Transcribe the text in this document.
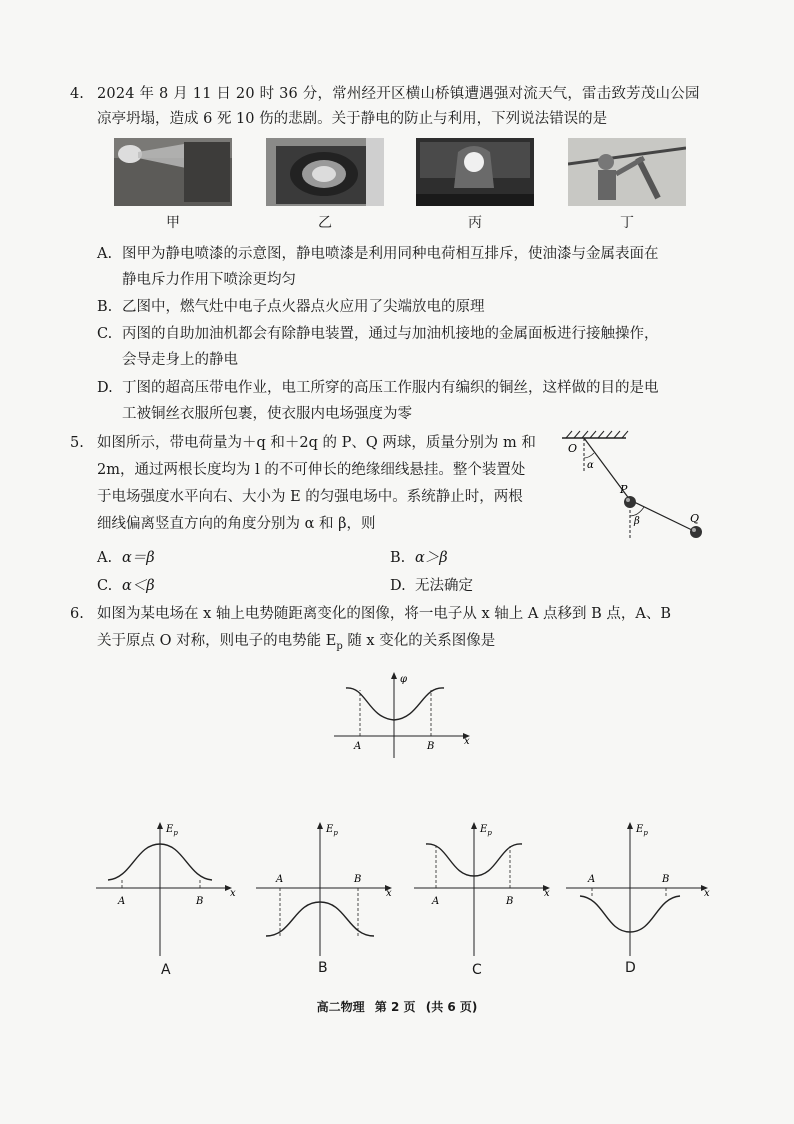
4. 2024 年 8 月 11 日 20 时 36 分，常州经开区横山桥镇遭遇强对流天气，雷击致芳茂山公园
凉亭坍塌，造成 6 死 10 伤的悲剧。关于静电的防止与利用，下列说法错误的是
甲	乙	丙	丁
A. 图甲为静电喷漆的示意图，静电喷漆是利用同种电荷相互排斥，使油漆与金属表面在
静电斥力作用下喷涂更均匀
B. 乙图中，燃气灶中电子点火器点火应用了尖端放电的原理
C. 丙图的自助加油机都会有除静电装置，通过与加油机接地的金属面板进行接触操作，
会导走身上的静电
D. 丁图的超高压带电作业，电工所穿的高压工作服内有编织的铜丝，这样做的目的是电
工被铜丝衣服所包裹，使衣服内电场强度为零
5. 如图所示，带电荷量为＋q 和＋2q 的 P、Q 两球，质量分别为 m 和
2m，通过两根长度均为 l 的不可伸长的绝缘细线悬挂。整个装置处
于电场强度水平向右、大小为 E 的匀强电场中。系统静止时，两根
细线偏离竖直方向的角度分别为 α 和 β，则
O
α
P
β	Q
A. α＝β	B. α＞β
C. α＜β	D. 无法确定
6. 如图为某电场在 x 轴上电势随距离变化的图像，将一电子从 x 轴上 A 点移到 B 点，A、B
关于原点 O 对称，则电子的电势能 $E_p$ 随 x 变化的关系图像是
φ
x
A	B
$E_p$
x
A	B
$E_p$
x
A	B
$E_p$
x
A	B
$E_p$
x
A	B
A	B	C	D
高二物理 第 2 页 (共 6 页)
